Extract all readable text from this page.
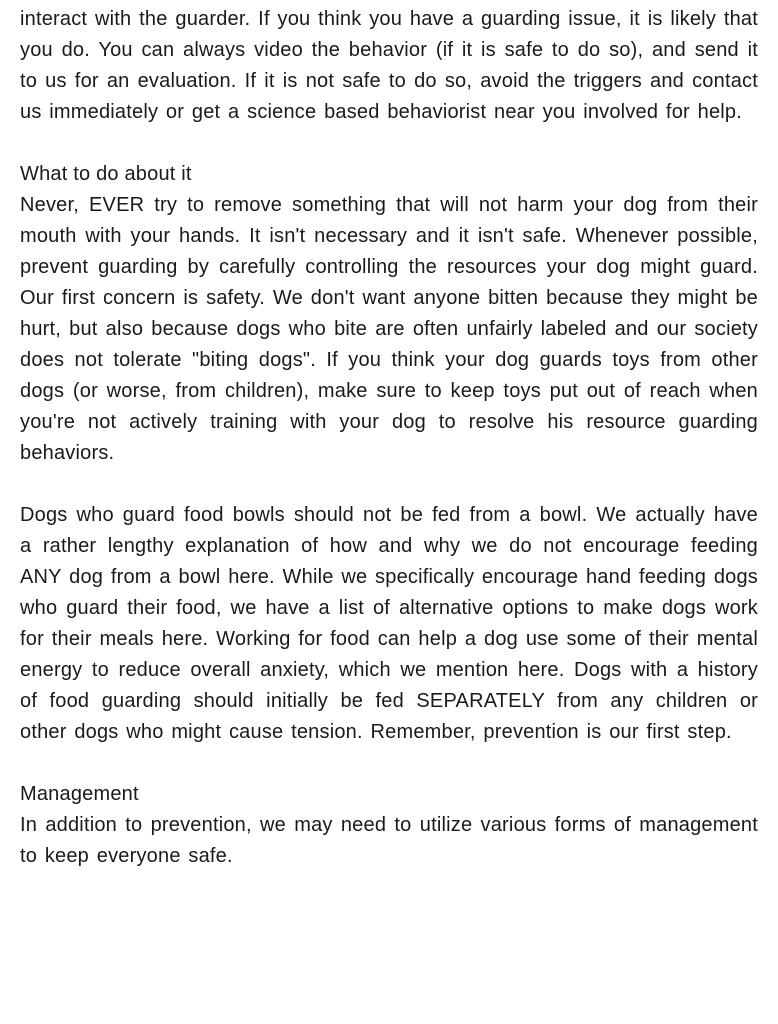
interact with the guarder. If you think you have a guarding issue, it is likely that you do. You can always video the behavior (if it is safe to do so), and send it to us for an evaluation. If it is not safe to do so, avoid the triggers and contact us immediately or get a science based behaviorist near you involved for help.

What to do about it

Never, EVER try to remove something that will not harm your dog from their mouth with your hands. It isn't necessary and it isn't safe. Whenever possible, prevent guarding by carefully controlling the resources your dog might guard. Our first concern is safety. We don't want anyone bitten because they might be hurt, but also because dogs who bite are often unfairly labeled and our society does not tolerate "biting dogs". If you think your dog guards toys from other dogs (or worse, from children), make sure to keep toys put out of reach when you're not actively training with your dog to resolve his resource guarding behaviors.

Dogs who guard food bowls should not be fed from a bowl. We actually have a rather lengthy explanation of how and why we do not encourage feeding ANY dog from a bowl here. While we specifically encourage hand feeding dogs who guard their food, we have a list of alternative options to make dogs work for their meals here. Working for food can help a dog use some of their mental energy to reduce overall anxiety, which we mention here. Dogs with a history of food guarding should initially be fed SEPARATELY from any children or other dogs who might cause tension. Remember, prevention is our first step.

Management

In addition to prevention, we may need to utilize various forms of management to keep everyone safe.
